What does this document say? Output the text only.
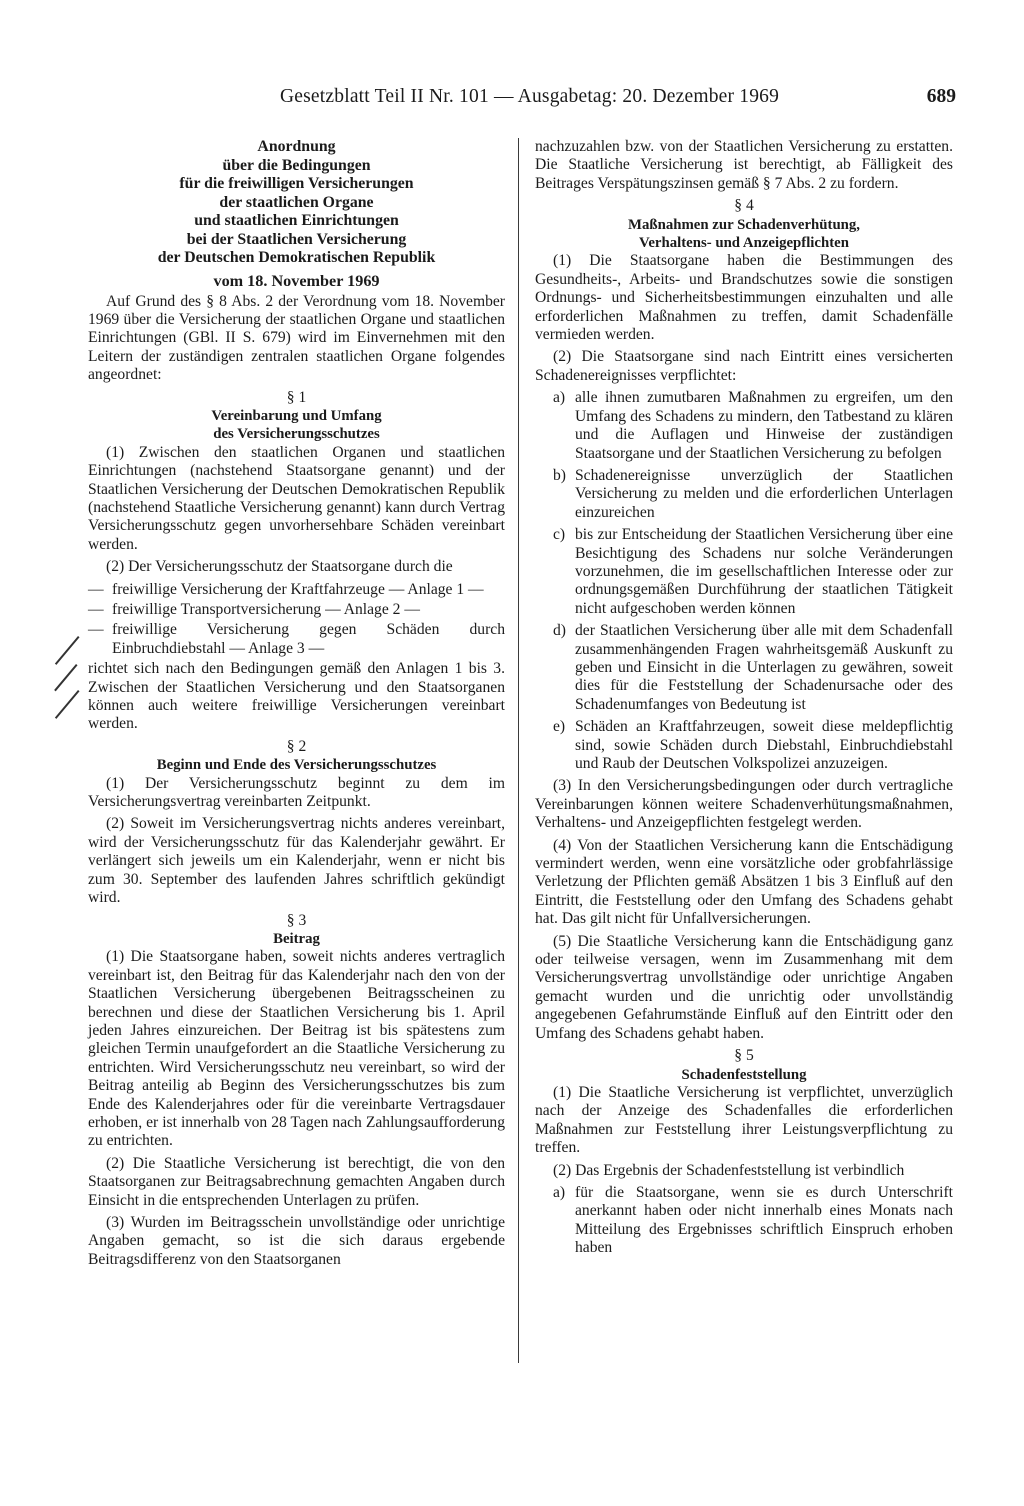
Gesetzblatt Teil II Nr. 101 — Ausgabetag: 20. Dezember 1969	689
Anordnung
über die Bedingungen
für die freiwilligen Versicherungen
der staatlichen Organe
und staatlichen Einrichtungen
bei der Staatlichen Versicherung
der Deutschen Demokratischen Republik
vom 18. November 1969

Auf Grund des § 8 Abs. 2 der Verordnung vom 18. November 1969 über die Versicherung der staatlichen Organe und staatlichen Einrichtungen (GBl. II S. 679) wird im Einvernehmen mit den Leitern der zuständigen zentralen staatlichen Organe folgendes angeordnet:

§ 1
Vereinbarung und Umfang
des Versicherungsschutzes

(1) Zwischen den staatlichen Organen und staatlichen Einrichtungen (nachstehend Staatsorgane genannt) und der Staatlichen Versicherung der Deutschen Demokratischen Republik (nachstehend Staatliche Versicherung genannt) kann durch Vertrag Versicherungsschutz gegen unvorhersehbare Schäden vereinbart werden.

(2) Der Versicherungsschutz der Staatsorgane durch die

— freiwillige Versicherung der Kraftfahrzeuge — Anlage 1 —
— freiwillige Transportversicherung — Anlage 2 —
— freiwillige Versicherung gegen Schäden durch Einbruchdiebstahl — Anlage 3 —

richtet sich nach den Bedingungen gemäß den Anlagen 1 bis 3. Zwischen der Staatlichen Versicherung und den Staatsorganen können auch weitere freiwillige Versicherungen vereinbart werden.

§ 2
Beginn und Ende des Versicherungsschutzes

(1) Der Versicherungsschutz beginnt zu dem im Versicherungsvertrag vereinbarten Zeitpunkt.

(2) Soweit im Versicherungsvertrag nichts anderes vereinbart, wird der Versicherungsschutz für das Kalenderjahr gewährt. Er verlängert sich jeweils um ein Kalenderjahr, wenn er nicht bis zum 30. September des laufenden Jahres schriftlich gekündigt wird.

§ 3
Beitrag

(1) Die Staatsorgane haben, soweit nichts anderes vertraglich vereinbart ist, den Beitrag für das Kalenderjahr nach den von der Staatlichen Versicherung übergebenen Beitragsscheinen zu berechnen und diese der Staatlichen Versicherung bis 1. April jeden Jahres einzureichen. Der Beitrag ist bis spätestens zum gleichen Termin unaufgefordert an die Staatliche Versicherung zu entrichten. Wird Versicherungsschutz neu vereinbart, so wird der Beitrag anteilig ab Beginn des Versicherungsschutzes bis zum Ende des Kalenderjahres oder für die vereinbarte Vertragsdauer erhoben, er ist innerhalb von 28 Tagen nach Zahlungsaufforderung zu entrichten.

(2) Die Staatliche Versicherung ist berechtigt, die von den Staatsorganen zur Beitragsabrechnung gemachten Angaben durch Einsicht in die entsprechenden Unterlagen zu prüfen.

(3) Wurden im Beitragsschein unvollständige oder unrichtige Angaben gemacht, so ist die sich daraus ergebende Beitragsdifferenz von den Staatsorganen

nachzuzahlen bzw. von der Staatlichen Versicherung zu erstatten. Die Staatliche Versicherung ist berechtigt, ab Fälligkeit des Beitrages Verspätungszinsen gemäß § 7 Abs. 2 zu fordern.

§ 4
Maßnahmen zur Schadenverhütung,
Verhaltens- und Anzeigepflichten

(1) Die Staatsorgane haben die Bestimmungen des Gesundheits-, Arbeits- und Brandschutzes sowie die sonstigen Ordnungs- und Sicherheitsbestimmungen einzuhalten und alle erforderlichen Maßnahmen zu treffen, damit Schadenfälle vermieden werden.

(2) Die Staatsorgane sind nach Eintritt eines versicherten Schadenereignisses verpflichtet:

a) alle ihnen zumutbaren Maßnahmen zu ergreifen, um den Umfang des Schadens zu mindern, den Tatbestand zu klären und die Auflagen und Hinweise der zuständigen Staatsorgane und der Staatlichen Versicherung zu befolgen
b) Schadenereignisse unverzüglich der Staatlichen Versicherung zu melden und die erforderlichen Unterlagen einzureichen
c) bis zur Entscheidung der Staatlichen Versicherung über eine Besichtigung des Schadens nur solche Veränderungen vorzunehmen, die im gesellschaftlichen Interesse oder zur ordnungsgemäßen Durchführung der staatlichen Tätigkeit nicht aufgeschoben werden können
d) der Staatlichen Versicherung über alle mit dem Schadenfall zusammenhängenden Fragen wahrheitsgemäß Auskunft zu geben und Einsicht in die Unterlagen zu gewähren, soweit dies für die Feststellung der Schadenursache oder des Schadenumfanges von Bedeutung ist
e) Schäden an Kraftfahrzeugen, soweit diese meldepflichtig sind, sowie Schäden durch Diebstahl, Einbruchdiebstahl und Raub der Deutschen Volkspolizei anzuzeigen.

(3) In den Versicherungsbedingungen oder durch vertragliche Vereinbarungen können weitere Schadenverhütungsmaßnahmen, Verhaltens- und Anzeigepflichten festgelegt werden.

(4) Von der Staatlichen Versicherung kann die Entschädigung vermindert werden, wenn eine vorsätzliche oder grobfahrlässige Verletzung der Pflichten gemäß Absätzen 1 bis 3 Einfluß auf den Eintritt, die Feststellung oder den Umfang des Schadens gehabt hat. Das gilt nicht für Unfallversicherungen.

(5) Die Staatliche Versicherung kann die Entschädigung ganz oder teilweise versagen, wenn im Zusammenhang mit dem Versicherungsvertrag unvollständige oder unrichtige Angaben gemacht wurden und die unrichtig oder unvollständig angegebenen Gefahrumstände Einfluß auf den Eintritt oder den Umfang des Schadens gehabt haben.

§ 5
Schadenfeststellung

(1) Die Staatliche Versicherung ist verpflichtet, unverzüglich nach der Anzeige des Schadenfalles die erforderlichen Maßnahmen zur Feststellung ihrer Leistungsverpflichtung zu treffen.

(2) Das Ergebnis der Schadenfeststellung ist verbindlich

a) für die Staatsorgane, wenn sie es durch Unterschrift anerkannt haben oder nicht innerhalb eines Monats nach Mitteilung des Ergebnisses schriftlich Einspruch erhoben haben
